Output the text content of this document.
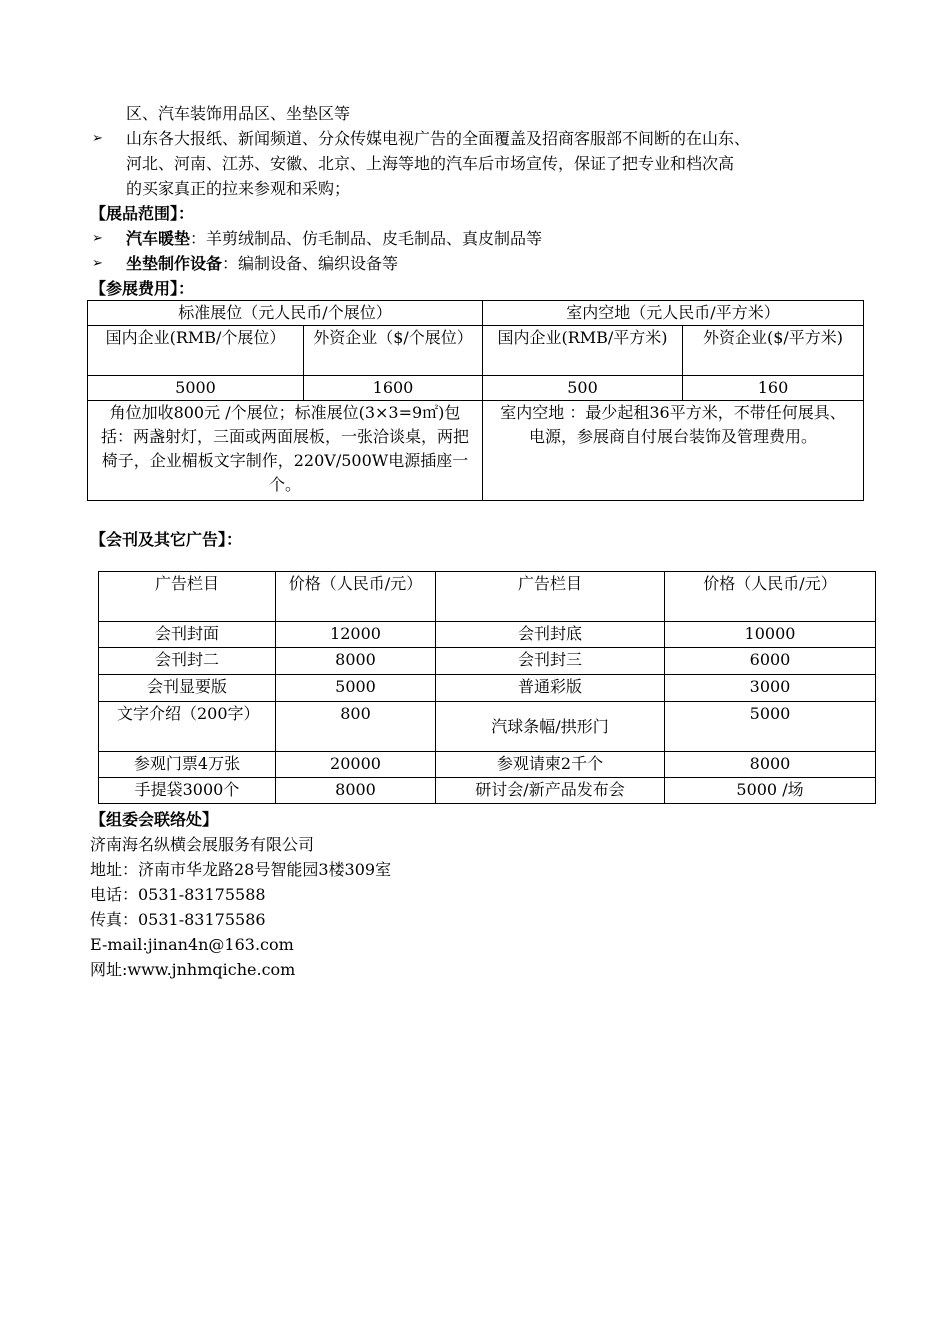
区、汽车装饰用品区、坐垫区等
➢ 山东各大报纸、新闻频道、分众传媒电视广告的全面覆盖及招商客服部不间断的在山东、
河北、河南、江苏、安徽、北京、上海等地的汽车后市场宣传，保证了把专业和档次高
的买家真正的拉来参观和采购；
【展品范围】：
➢ 汽车暖垫：羊剪绒制品、仿毛制品、皮毛制品、真皮制品等
➢ 坐垫制作设备：编制设备、编织设备等
【参展费用】：
标准展位（元人民币/个展位）		室内空地（元人民币/平方米）	
国内企业(RMB/个展位）	外资企业（$/个展位）	国内企业(RMB/平方米)	外资企业($/平方米)
5000	1600	500	160
角位加收800元 /个展位；标准展位(3×3=9㎡)包括：两盏射灯，三面或两面展板，一张洽谈桌，两把椅子，企业楣板文字制作，220V/500W电源插座一个。		室内空地 ：最少起租36平方米，不带任何展具、电源，参展商自付展台装饰及管理费用。	
【会刊及其它广告】：
广告栏目	价格（人民币/元）	广告栏目	价格（人民币/元）
会刊封面	12000	会刊封底	10000
会刊封二	8000	会刊封三	6000
会刊显要版	5000	普通彩版	3000
文字介绍（200字）	800	汽球条幅/拱形门	5000
参观门票4万张	20000	参观请柬2千个	8000
手提袋3000个	8000	研讨会/新产品发布会	5000 /场
【组委会联络处】
济南海名纵横会展服务有限公司
地址：济南市华龙路28号智能园3楼309室
电话：0531-83175588
传真：0531-83175586
E-mail:jinan4n@163.com
网址:www.jnhmqiche.com
